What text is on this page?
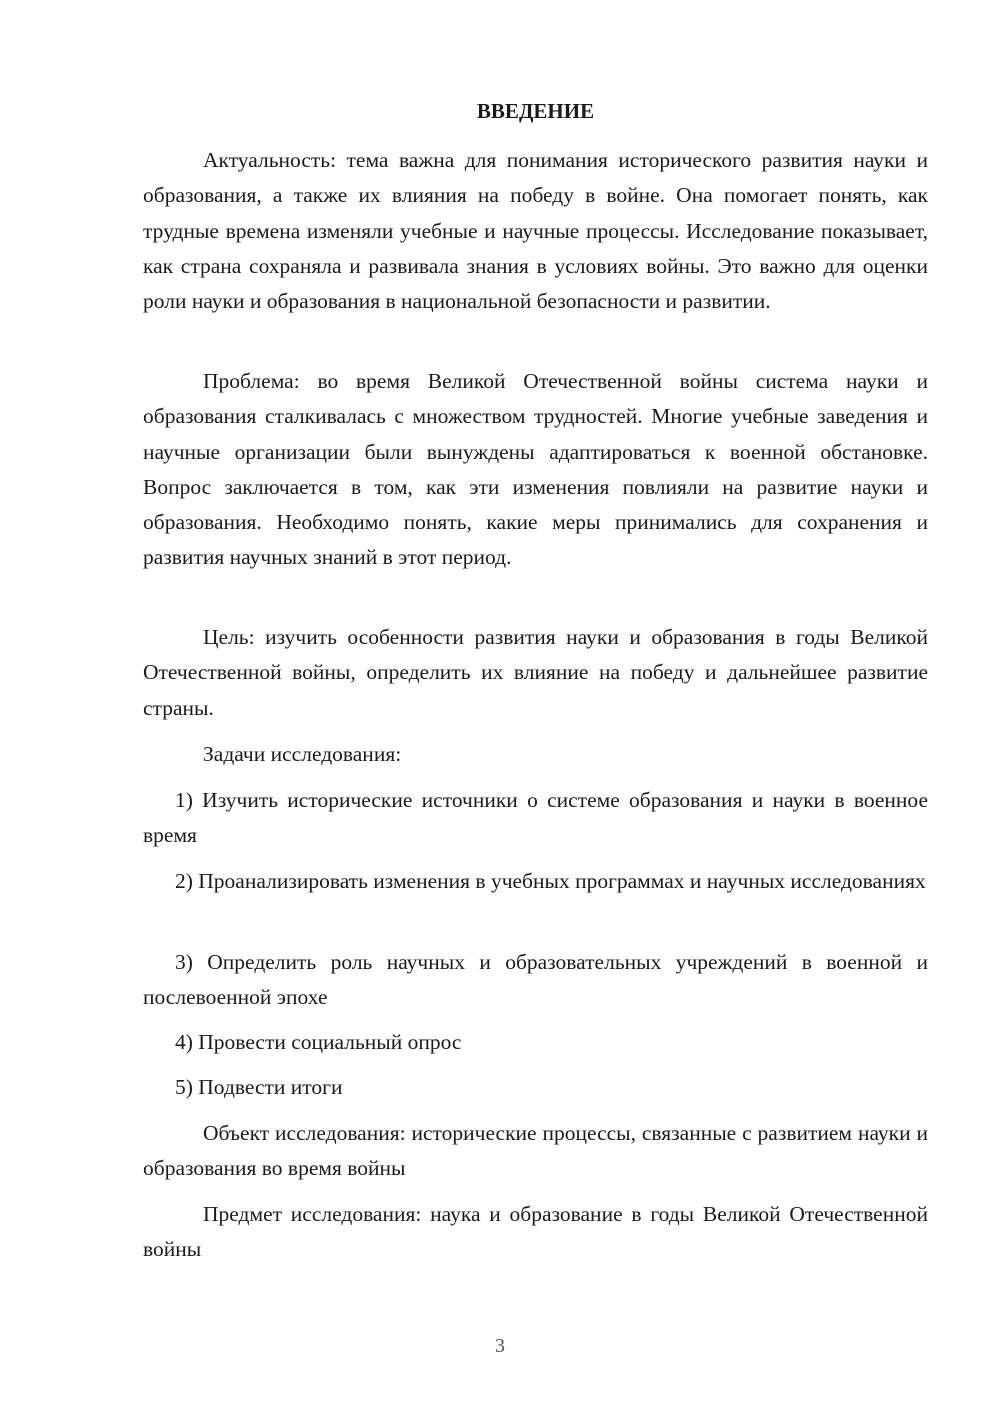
ВВЕДЕНИЕ

Актуальность: тема важна для понимания исторического развития науки и образования, а также их влияния на победу в войне. Она помогает понять, как трудные времена изменяли учебные и научные процессы. Исследование показывает, как страна сохраняла и развивала знания в условиях войны. Это важно для оценки роли науки и образования в национальной безопасности и развитии.

Проблема: во время Великой Отечественной войны система науки и образования сталкивалась с множеством трудностей. Многие учебные заведения и научные организации были вынуждены адаптироваться к военной обстановке. Вопрос заключается в том, как эти изменения повлияли на развитие науки и образования. Необходимо понять, какие меры принимались для сохранения и развития научных знаний в этот период.

Цель: изучить особенности развития науки и образования в годы Великой Отечественной войны, определить их влияние на победу и дальнейшее развитие страны.

Задачи исследования:

1) Изучить исторические источники о системе образования и науки в военное время

2) Проанализировать изменения в учебных программах и научных исследованиях

3) Определить роль научных и образовательных учреждений в военной и послевоенной эпохе

4) Провести социальный опрос

5) Подвести итоги

Объект исследования: исторические процессы, связанные с развитием науки и образования во время войны

Предмет исследования: наука и образование в годы Великой Отечественной войны

3
